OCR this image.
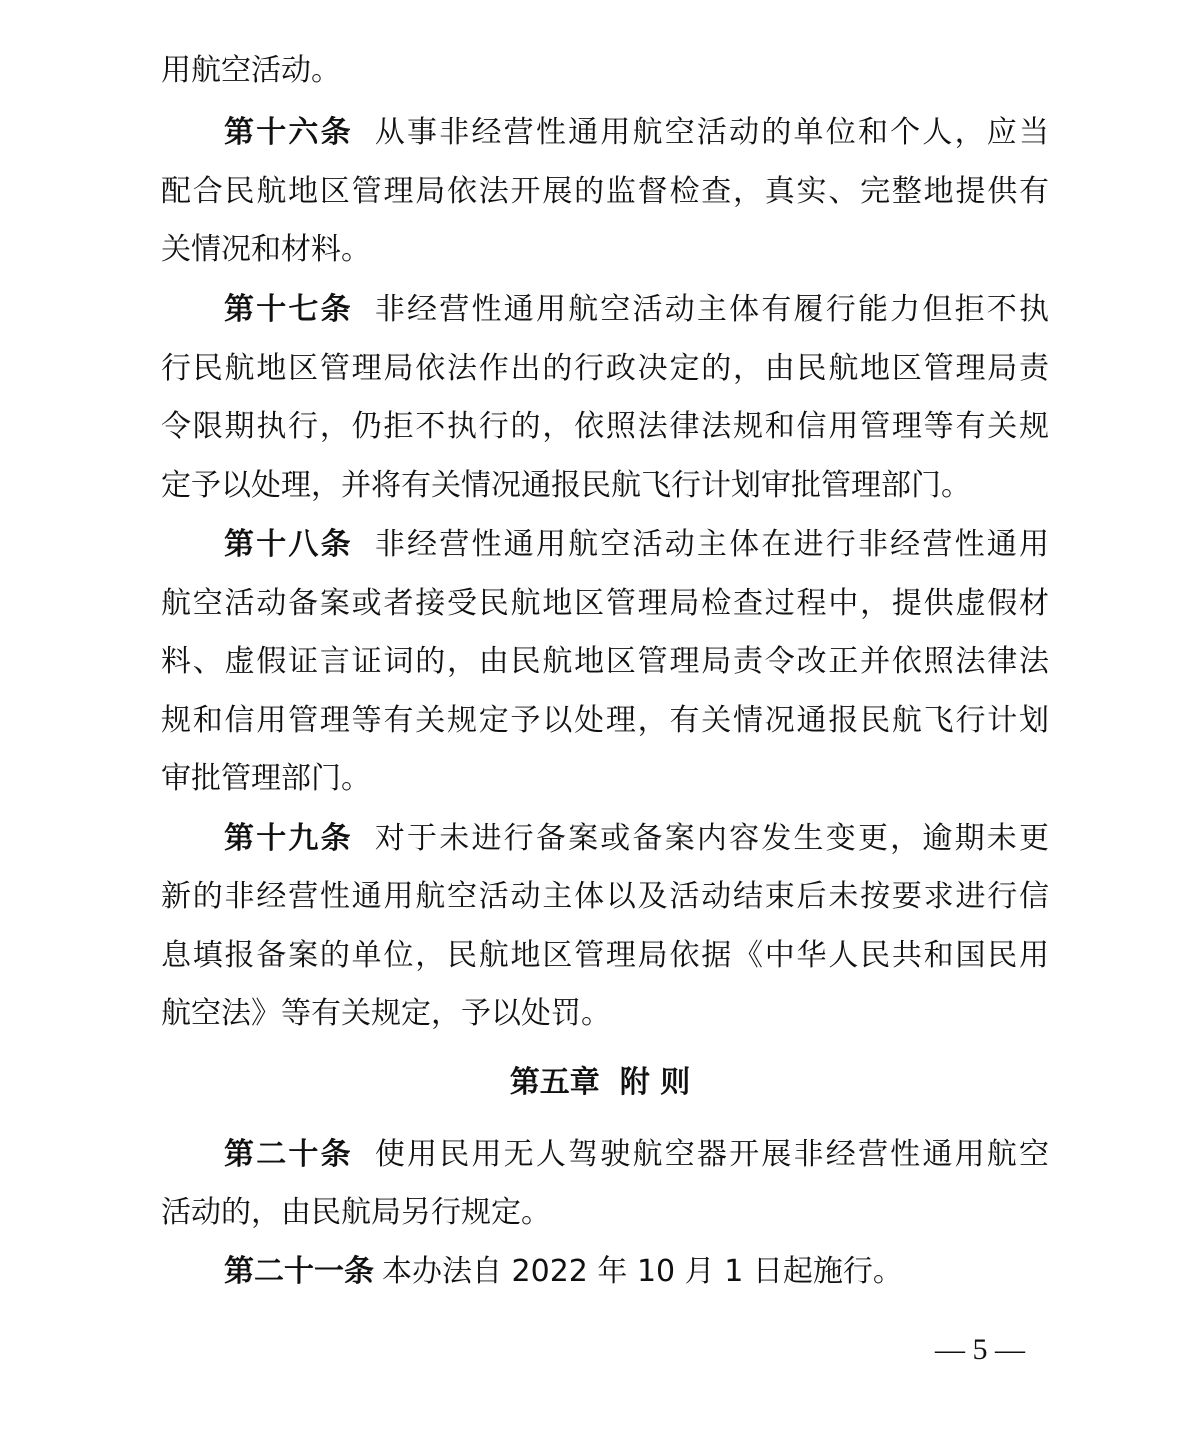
用航空活动。
第十六条 从事非经营性通用航空活动的单位和个人，应当
配合民航地区管理局依法开展的监督检查，真实、完整地提供有
关情况和材料。
第十七条 非经营性通用航空活动主体有履行能力但拒不执
行民航地区管理局依法作出的行政决定的，由民航地区管理局责
令限期执行，仍拒不执行的，依照法律法规和信用管理等有关规
定予以处理，并将有关情况通报民航飞行计划审批管理部门。
第十八条 非经营性通用航空活动主体在进行非经营性通用
航空活动备案或者接受民航地区管理局检查过程中，提供虚假材
料、虚假证言证词的，由民航地区管理局责令改正并依照法律法
规和信用管理等有关规定予以处理，有关情况通报民航飞行计划
审批管理部门。
第十九条 对于未进行备案或备案内容发生变更，逾期未更
新的非经营性通用航空活动主体以及活动结束后未按要求进行信
息填报备案的单位，民航地区管理局依据《中华人民共和国民用
航空法》等有关规定，予以处罚。
第五章 附 则
第二十条 使用民用无人驾驶航空器开展非经营性通用航空
活动的，由民航局另行规定。
第二十一条 本办法自 2022 年 10 月 1 日起施行。
— 5 —
